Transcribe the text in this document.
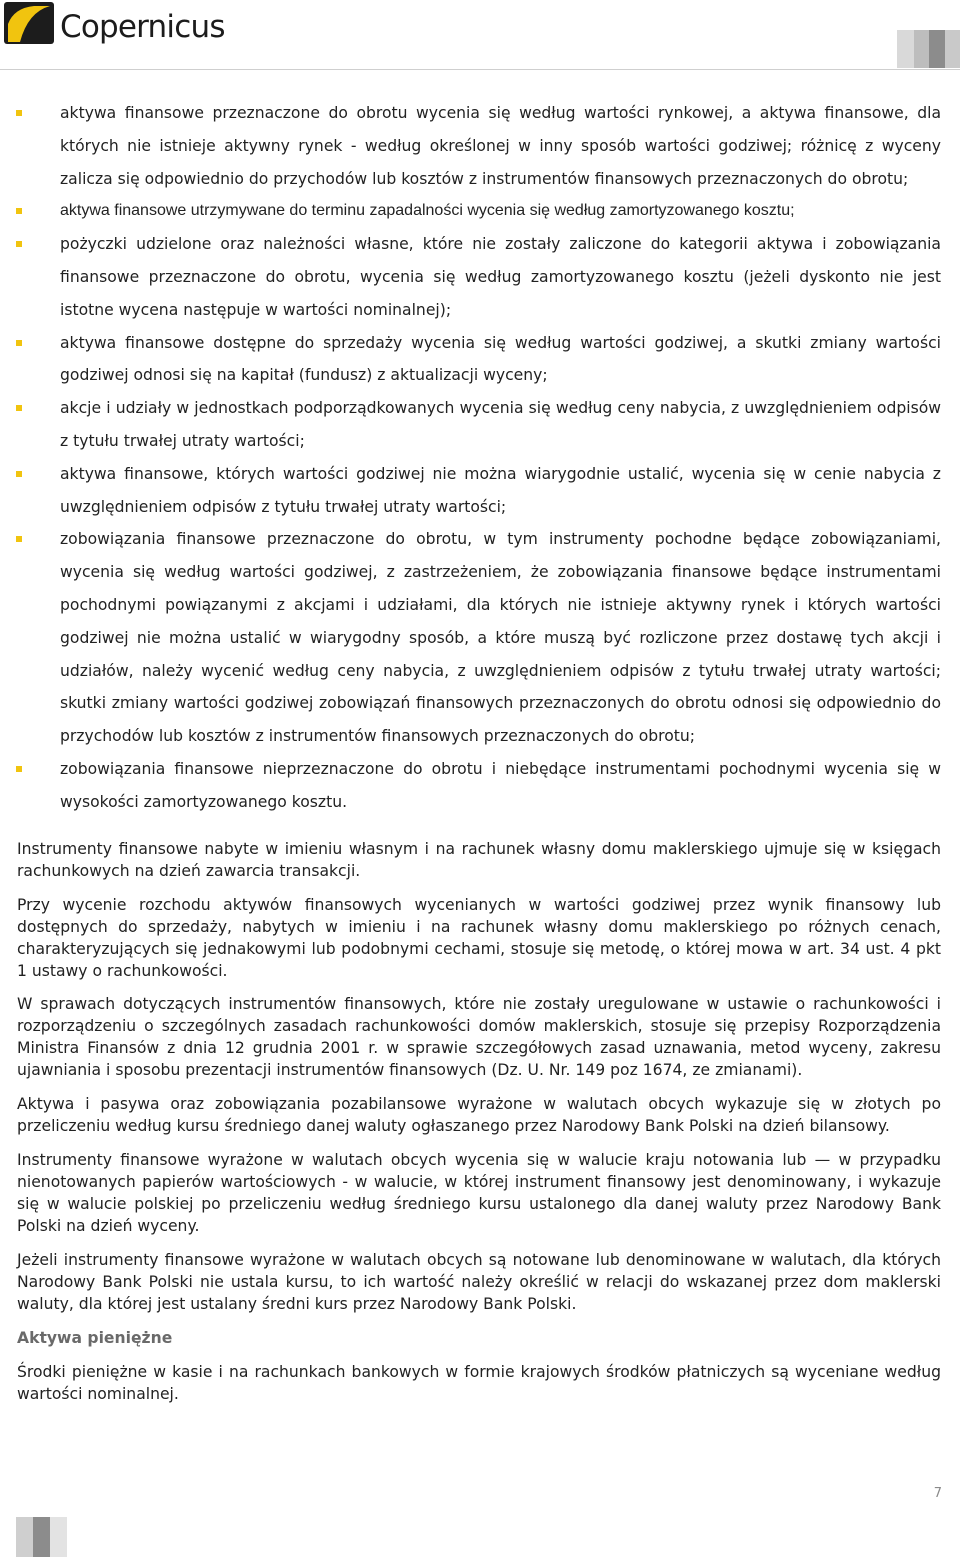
Copernicus
aktywa finansowe przeznaczone do obrotu wycenia się według wartości rynkowej, a aktywa finansowe, dla których nie istnieje aktywny rynek - według określonej w inny sposób wartości godziwej; różnicę z wyceny zalicza się odpowiednio do przychodów lub kosztów z instrumentów finansowych przeznaczonych do obrotu;
aktywa finansowe utrzymywane do terminu zapadalności wycenia się według zamortyzowanego kosztu;
pożyczki udzielone oraz należności własne, które nie zostały zaliczone do kategorii aktywa i zobowiązania finansowe przeznaczone do obrotu, wycenia się według zamortyzowanego kosztu (jeżeli dyskonto nie jest istotne wycena następuje w wartości nominalnej);
aktywa finansowe dostępne do sprzedaży wycenia się według wartości godziwej, a skutki zmiany wartości godziwej odnosi się na kapitał (fundusz) z aktualizacji wyceny;
akcje i udziały w jednostkach podporządkowanych wycenia się według ceny nabycia, z uwzględnieniem odpisów z tytułu trwałej utraty wartości;
aktywa finansowe, których wartości godziwej nie można wiarygodnie ustalić, wycenia się w cenie nabycia z uwzględnieniem odpisów z tytułu trwałej utraty wartości;
zobowiązania finansowe przeznaczone do obrotu, w tym instrumenty pochodne będące zobowiązaniami, wycenia się według wartości godziwej, z zastrzeżeniem, że zobowiązania finansowe będące instrumentami pochodnymi powiązanymi z akcjami i udziałami, dla których nie istnieje aktywny rynek i których wartości godziwej nie można ustalić w wiarygodny sposób, a które muszą być rozliczone przez dostawę tych akcji i udziałów, należy wycenić według ceny nabycia, z uwzględnieniem odpisów z tytułu trwałej utraty wartości; skutki zmiany wartości godziwej zobowiązań finansowych przeznaczonych do obrotu odnosi się odpowiednio do przychodów lub kosztów z instrumentów finansowych przeznaczonych do obrotu;
zobowiązania finansowe nieprzeznaczone do obrotu i niebędące instrumentami pochodnymi wycenia się w wysokości zamortyzowanego kosztu.

Instrumenty finansowe nabyte w imieniu własnym i na rachunek własny domu maklerskiego ujmuje się w księgach rachunkowych na dzień zawarcia transakcji.

Przy wycenie rozchodu aktywów finansowych wycenianych w wartości godziwej przez wynik finansowy lub dostępnych do sprzedaży, nabytych w imieniu i na rachunek własny domu maklerskiego po różnych cenach, charakteryzujących się jednakowymi lub podobnymi cechami, stosuje się metodę, o której mowa w art. 34 ust. 4 pkt 1 ustawy o rachunkowości.

W sprawach dotyczących instrumentów finansowych, które nie zostały uregulowane w ustawie o rachunkowości i rozporządzeniu o szczególnych zasadach rachunkowości domów maklerskich, stosuje się przepisy Rozporządzenia Ministra Finansów z dnia 12 grudnia 2001 r. w sprawie szczegółowych zasad uznawania, metod wyceny, zakresu ujawniania i sposobu prezentacji instrumentów finansowych (Dz. U. Nr. 149 poz 1674, ze zmianami).

Aktywa i pasywa oraz zobowiązania pozabilansowe wyrażone w walutach obcych wykazuje się w złotych po przeliczeniu według kursu średniego danej waluty ogłaszanego przez Narodowy Bank Polski na dzień bilansowy.

Instrumenty finansowe wyrażone w walutach obcych wycenia się w walucie kraju notowania lub — w przypadku nienotowanych papierów wartościowych - w walucie, w której instrument finansowy jest denominowany, i wykazuje się w walucie polskiej po przeliczeniu według średniego kursu ustalonego dla danej waluty przez Narodowy Bank Polski na dzień wyceny.

Jeżeli instrumenty finansowe wyrażone w walutach obcych są notowane lub denominowane w walutach, dla których Narodowy Bank Polski nie ustala kursu, to ich wartość należy określić w relacji do wskazanej przez dom maklerski waluty, dla której jest ustalany średni kurs przez Narodowy Bank Polski.

Aktywa pieniężne

Środki pieniężne w kasie i na rachunkach bankowych w formie krajowych środków płatniczych są wyceniane według wartości nominalnej.

7
